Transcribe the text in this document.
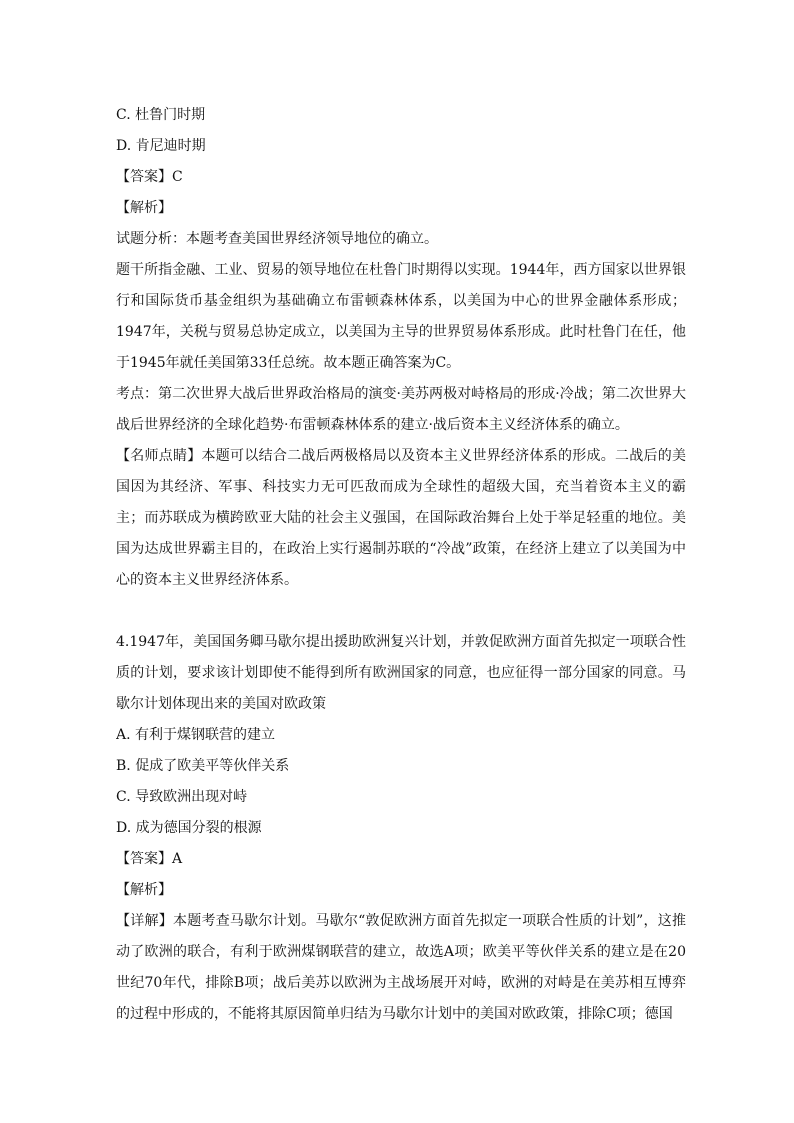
C. 杜鲁门时期
D. 肯尼迪时期
【答案】C
【解析】
试题分析：本题考查美国世界经济领导地位的确立。
题干所指金融、工业、贸易的领导地位在杜鲁门时期得以实现。1944年，西方国家以世界银行和国际货币基金组织为基础确立布雷顿森林体系，以美国为中心的世界金融体系形成；1947年，关税与贸易总协定成立，以美国为主导的世界贸易体系形成。此时杜鲁门在任，他于1945年就任美国第33任总统。故本题正确答案为C。
考点：第二次世界大战后世界政治格局的演变·美苏两极对峙格局的形成·冷战；第二次世界大战后世界经济的全球化趋势·布雷顿森林体系的建立·战后资本主义经济体系的确立。
【名师点睛】本题可以结合二战后两极格局以及资本主义世界经济体系的形成。二战后的美国因为其经济、军事、科技实力无可匹敌而成为全球性的超级大国，充当着资本主义的霸主；而苏联成为横跨欧亚大陆的社会主义强国，在国际政治舞台上处于举足轻重的地位。美国为达成世界霸主目的，在政治上实行遏制苏联的“冷战”政策，在经济上建立了以美国为中心的资本主义世界经济体系。
4.1947年，美国国务卿马歇尔提出援助欧洲复兴计划，并敦促欧洲方面首先拟定一项联合性质的计划，要求该计划即使不能得到所有欧洲国家的同意，也应征得一部分国家的同意。马歇尔计划体现出来的美国对欧政策
A. 有利于煤钢联营的建立
B. 促成了欧美平等伙伴关系
C. 导致欧洲出现对峙
D. 成为德国分裂的根源
【答案】A
【解析】
【详解】本题考查马歇尔计划。马歇尔“敦促欧洲方面首先拟定一项联合性质的计划”，这推动了欧洲的联合，有利于欧洲煤钢联营的建立，故选A项；欧美平等伙伴关系的建立是在20世纪70年代，排除B项；战后美苏以欧洲为主战场展开对峙，欧洲的对峙是在美苏相互博弈的过程中形成的，不能将其原因简单归结为马歇尔计划中的美国对欧政策，排除C项；德国
